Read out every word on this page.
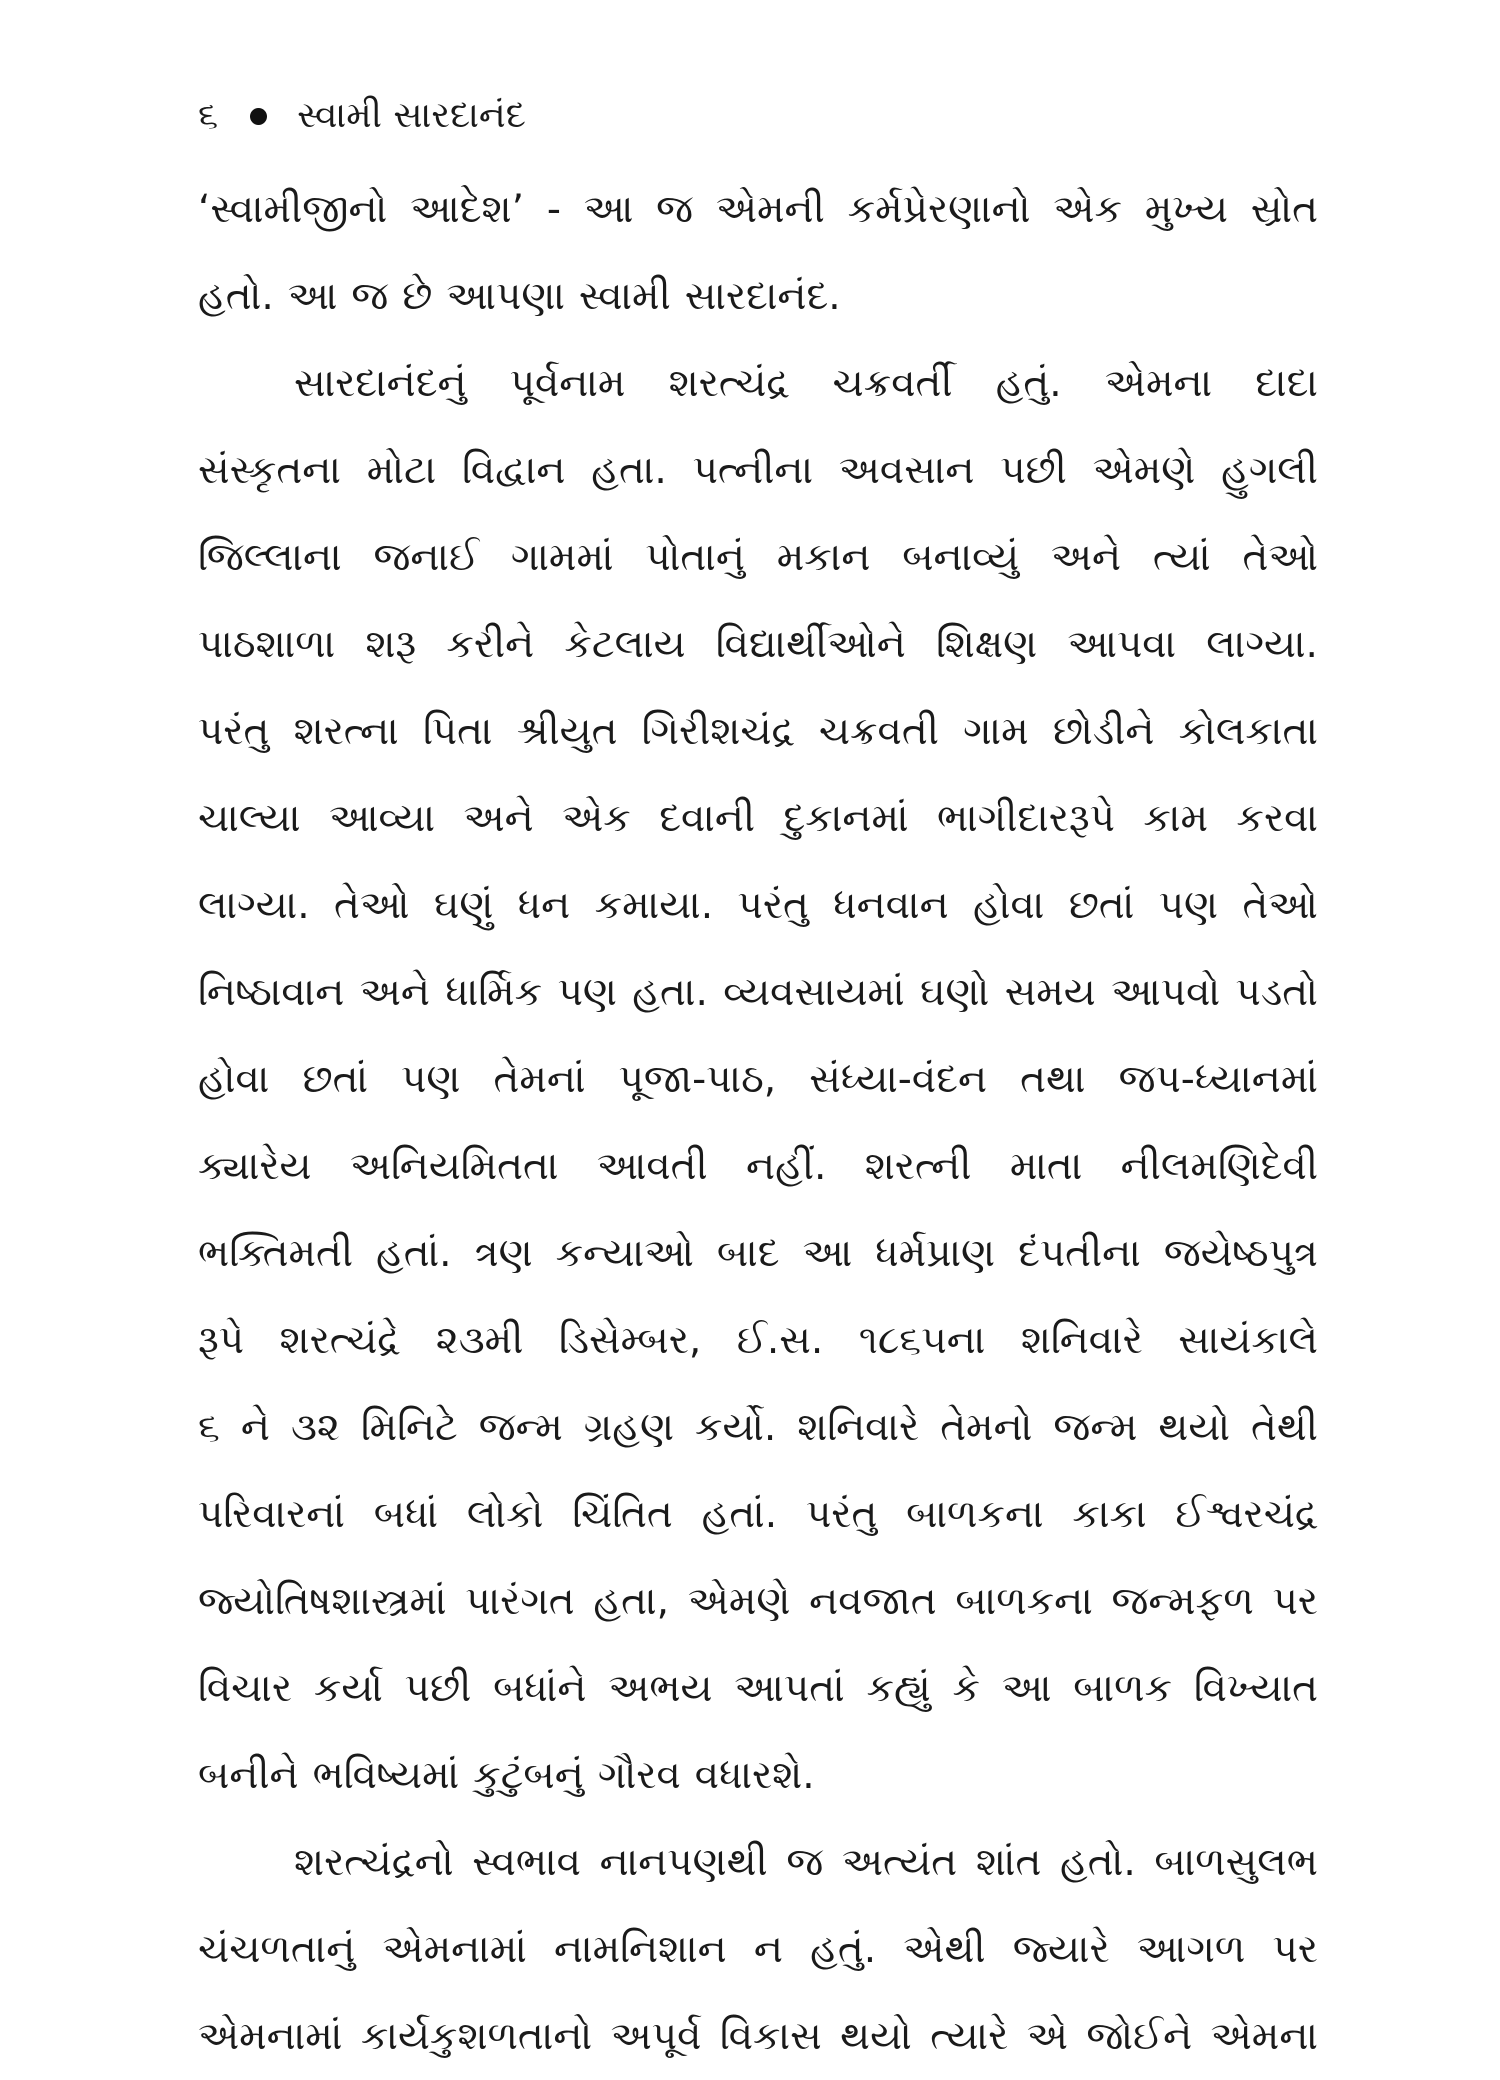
૬ સ્વામી સારદાનંદ
‘સ્વામીજીનો આદેશ’ - આ જ એમની કર્મપ્રેરણાનો એક મુખ્ય સ્રોત
હતો. આ જ છે આપણા સ્વામી સારદાનંદ.
સારદાનંદનું પૂર્વનામ શરત્ચંદ્ર ચક્રવર્તી હતું. એમના દાદા
સંસ્કૃતના મોટા વિદ્વાન હતા. પત્નીના અવસાન પછી એમણે હુગલી
જિલ્લાના જનાઈ ગામમાં પોતાનું મકાન બનાવ્યું અને ત્યાં તેઓ
પાઠશાળા શરૂ કરીને કેટલાય વિદ્યાર્થીઓને શિક્ષણ આપવા લાગ્યા.
પરંતુ શરત્ના પિતા શ્રીયુત ગિરીશચંદ્ર ચક્રવતી ગામ છોડીને કોલકાતા
ચાલ્યા આવ્યા અને એક દવાની દુકાનમાં ભાગીદારરૂપે કામ કરવા
લાગ્યા. તેઓ ઘણું ધન કમાયા. પરંતુ ધનવાન હોવા છતાં પણ તેઓ
નિષ્ઠાવાન અને ધાર્મિક પણ હતા. વ્યવસાયમાં ઘણો સમય આપવો પડતો
હોવા છતાં પણ તેમનાં પૂજા-પાઠ, સંધ્યા-વંદન તથા જપ-ધ્યાનમાં
ક્યારેય અનિયમિતતા આવતી નહીં. શરત્ની માતા નીલમણિદેવી
ભક્તિમતી હતાં. ત્રણ કન્યાઓ બાદ આ ધર્મપ્રાણ દંપતીના જયેષ્ઠપુત્ર
રૂપે શરત્ચંદ્રે ૨૩મી ડિસેમ્બર, ઈ.સ. ૧૮૬૫ના શનિવારે સાયંકાલે
૬ ને ૩૨ મિનિટે જન્મ ગ્રહણ કર્યો. શનિવારે તેમનો જન્મ થયો તેથી
પરિવારનાં બધાં લોકો ચિંતિત હતાં. પરંતુ બાળકના કાકા ઈશ્વરચંદ્ર
જ્યોતિષશાસ્ત્રમાં પારંગત હતા, એમણે નવજાત બાળકના જન્મફળ પર
વિચાર કર્યા પછી બધાંને અભય આપતાં કહ્યું કે આ બાળક વિખ્યાત
બનીને ભવિષ્યમાં કુટુંબનું ગૌરવ વધારશે.
શરત્ચંદ્રનો સ્વભાવ નાનપણથી જ અત્યંત શાંત હતો. બાળસુલભ
ચંચળતાનું એમનામાં નામનિશાન ન હતું. એથી જ્યારે આગળ પર
એમનામાં કાર્યકુશળતાનો અપૂર્વ વિકાસ થયો ત્યારે એ જોઈને એમના
